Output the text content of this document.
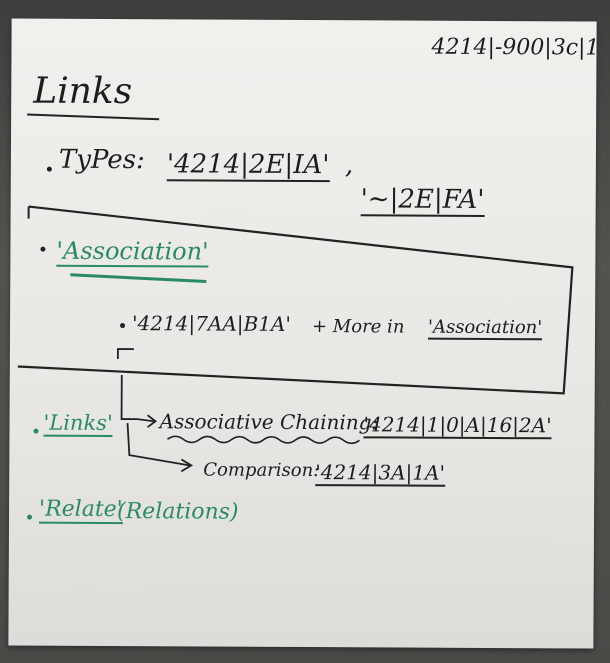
4214|-900|3c|1
Links
TyPes: '4214|2E|IA' ,
'~|2E|FA'
'Association'
'4214|7AA|B1A' + More in 'Association'
'Links' Associative Chaining:
'4214|1|0|A|16|2A'
Comparison:
'4214|3A|1A'
'Relate'
(Relations)
